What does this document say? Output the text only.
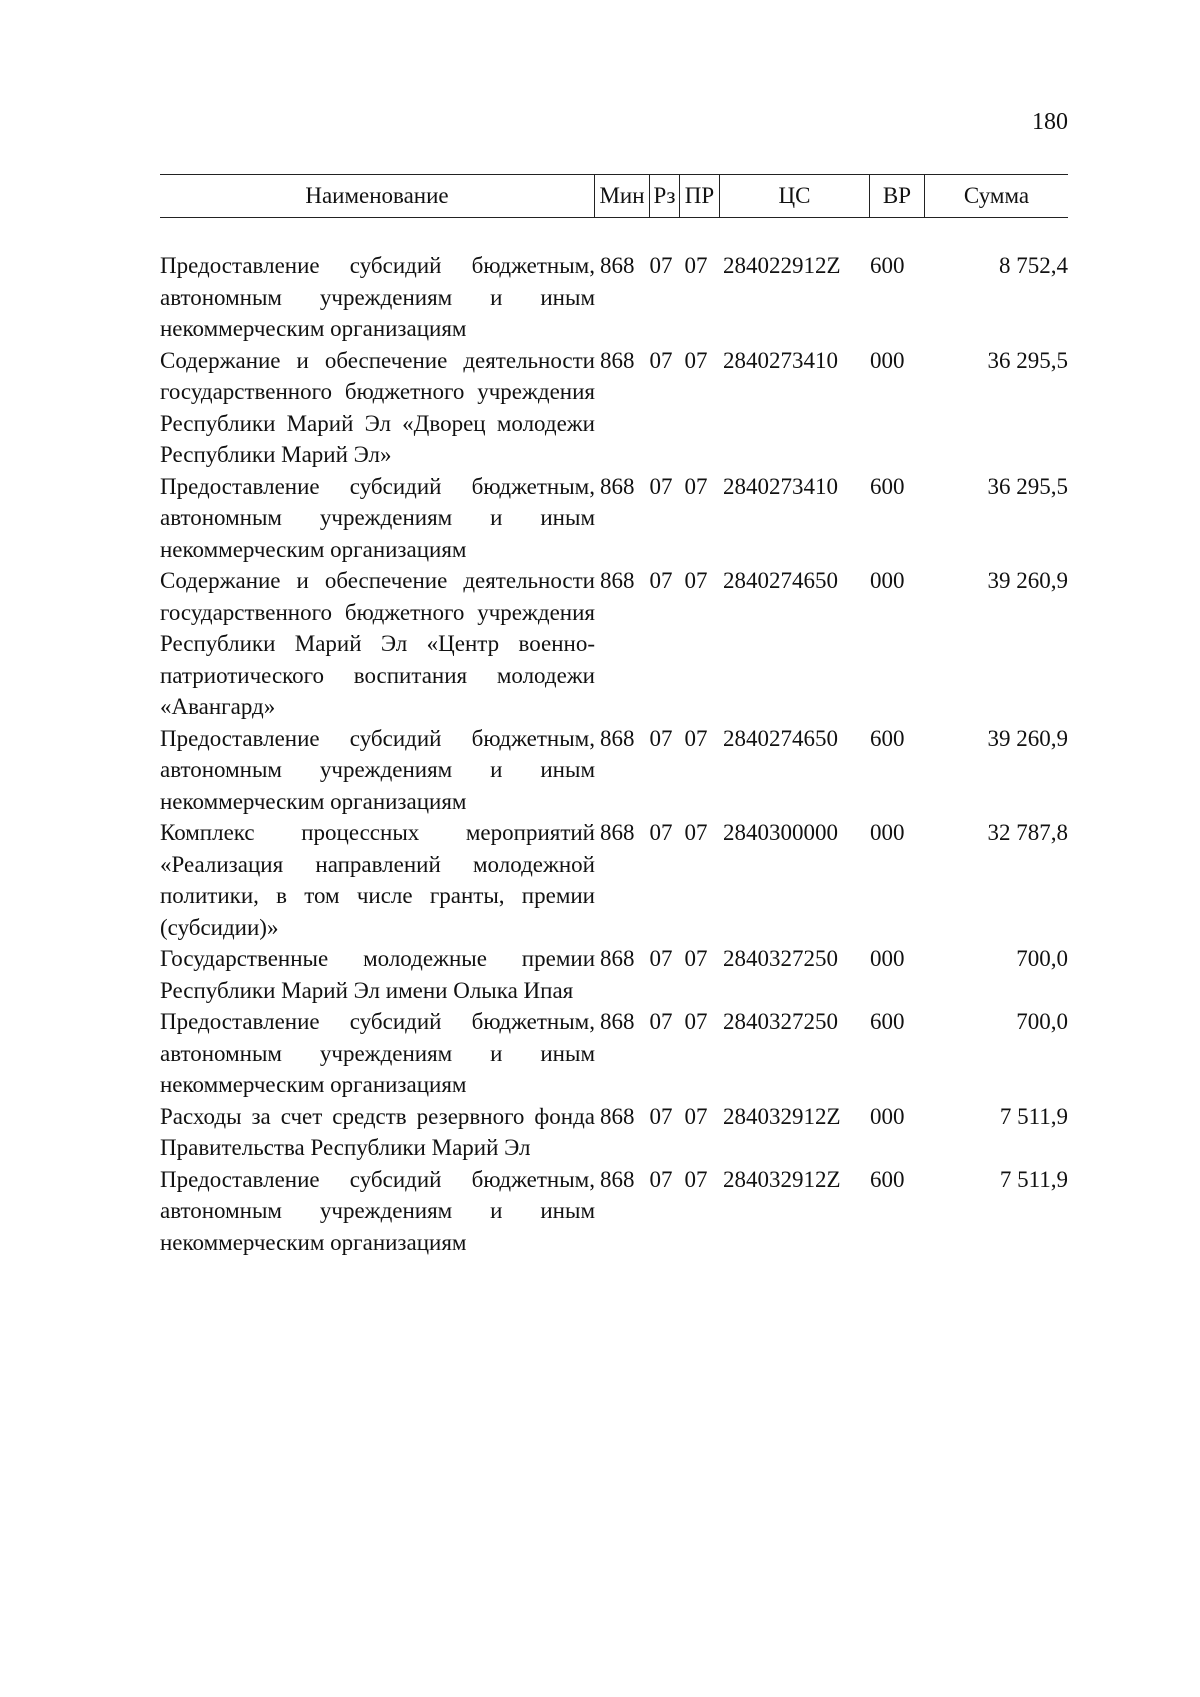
180
Наименование	Мин Рз ПР	ЦС	ВР	Сумма
Предоставление субсидий бюджетным, автономным учреждениям и иным некоммерческим организациям
868 07 07 284022912Z	600	8 752,4
Содержание и обеспечение деятельности государственного бюджетного учреждения Республики Марий Эл «Дворец молодежи Республики Марий Эл»
868 07 07 2840273410	000	36 295,5
Предоставление субсидий бюджетным, автономным учреждениям и иным некоммерческим организациям
868 07 07 2840273410	600	36 295,5
Содержание и обеспечение деятельности государственного бюджетного учреждения Республики Марий Эл «Центр военно-патриотического воспитания молодежи «Авангард»
868 07 07 2840274650	000	39 260,9
Предоставление субсидий бюджетным, автономным учреждениям и иным некоммерческим организациям
868 07 07 2840274650	600	39 260,9
Комплекс процессных мероприятий «Реализация направлений молодежной политики, в том числе гранты, премии (субсидии)»
868 07 07 2840300000	000	32 787,8
Государственные молодежные премии Республики Марий Эл имени Олыка Ипая
868 07 07 2840327250	000	700,0
Предоставление субсидий бюджетным, автономным учреждениям и иным некоммерческим организациям
868 07 07 2840327250	600	700,0
Расходы за счет средств резервного фонда Правительства Республики Марий Эл
868 07 07 284032912Z	000	7 511,9
Предоставление субсидий бюджетным, автономным учреждениям и иным некоммерческим организациям
868 07 07 284032912Z	600	7 511,9
